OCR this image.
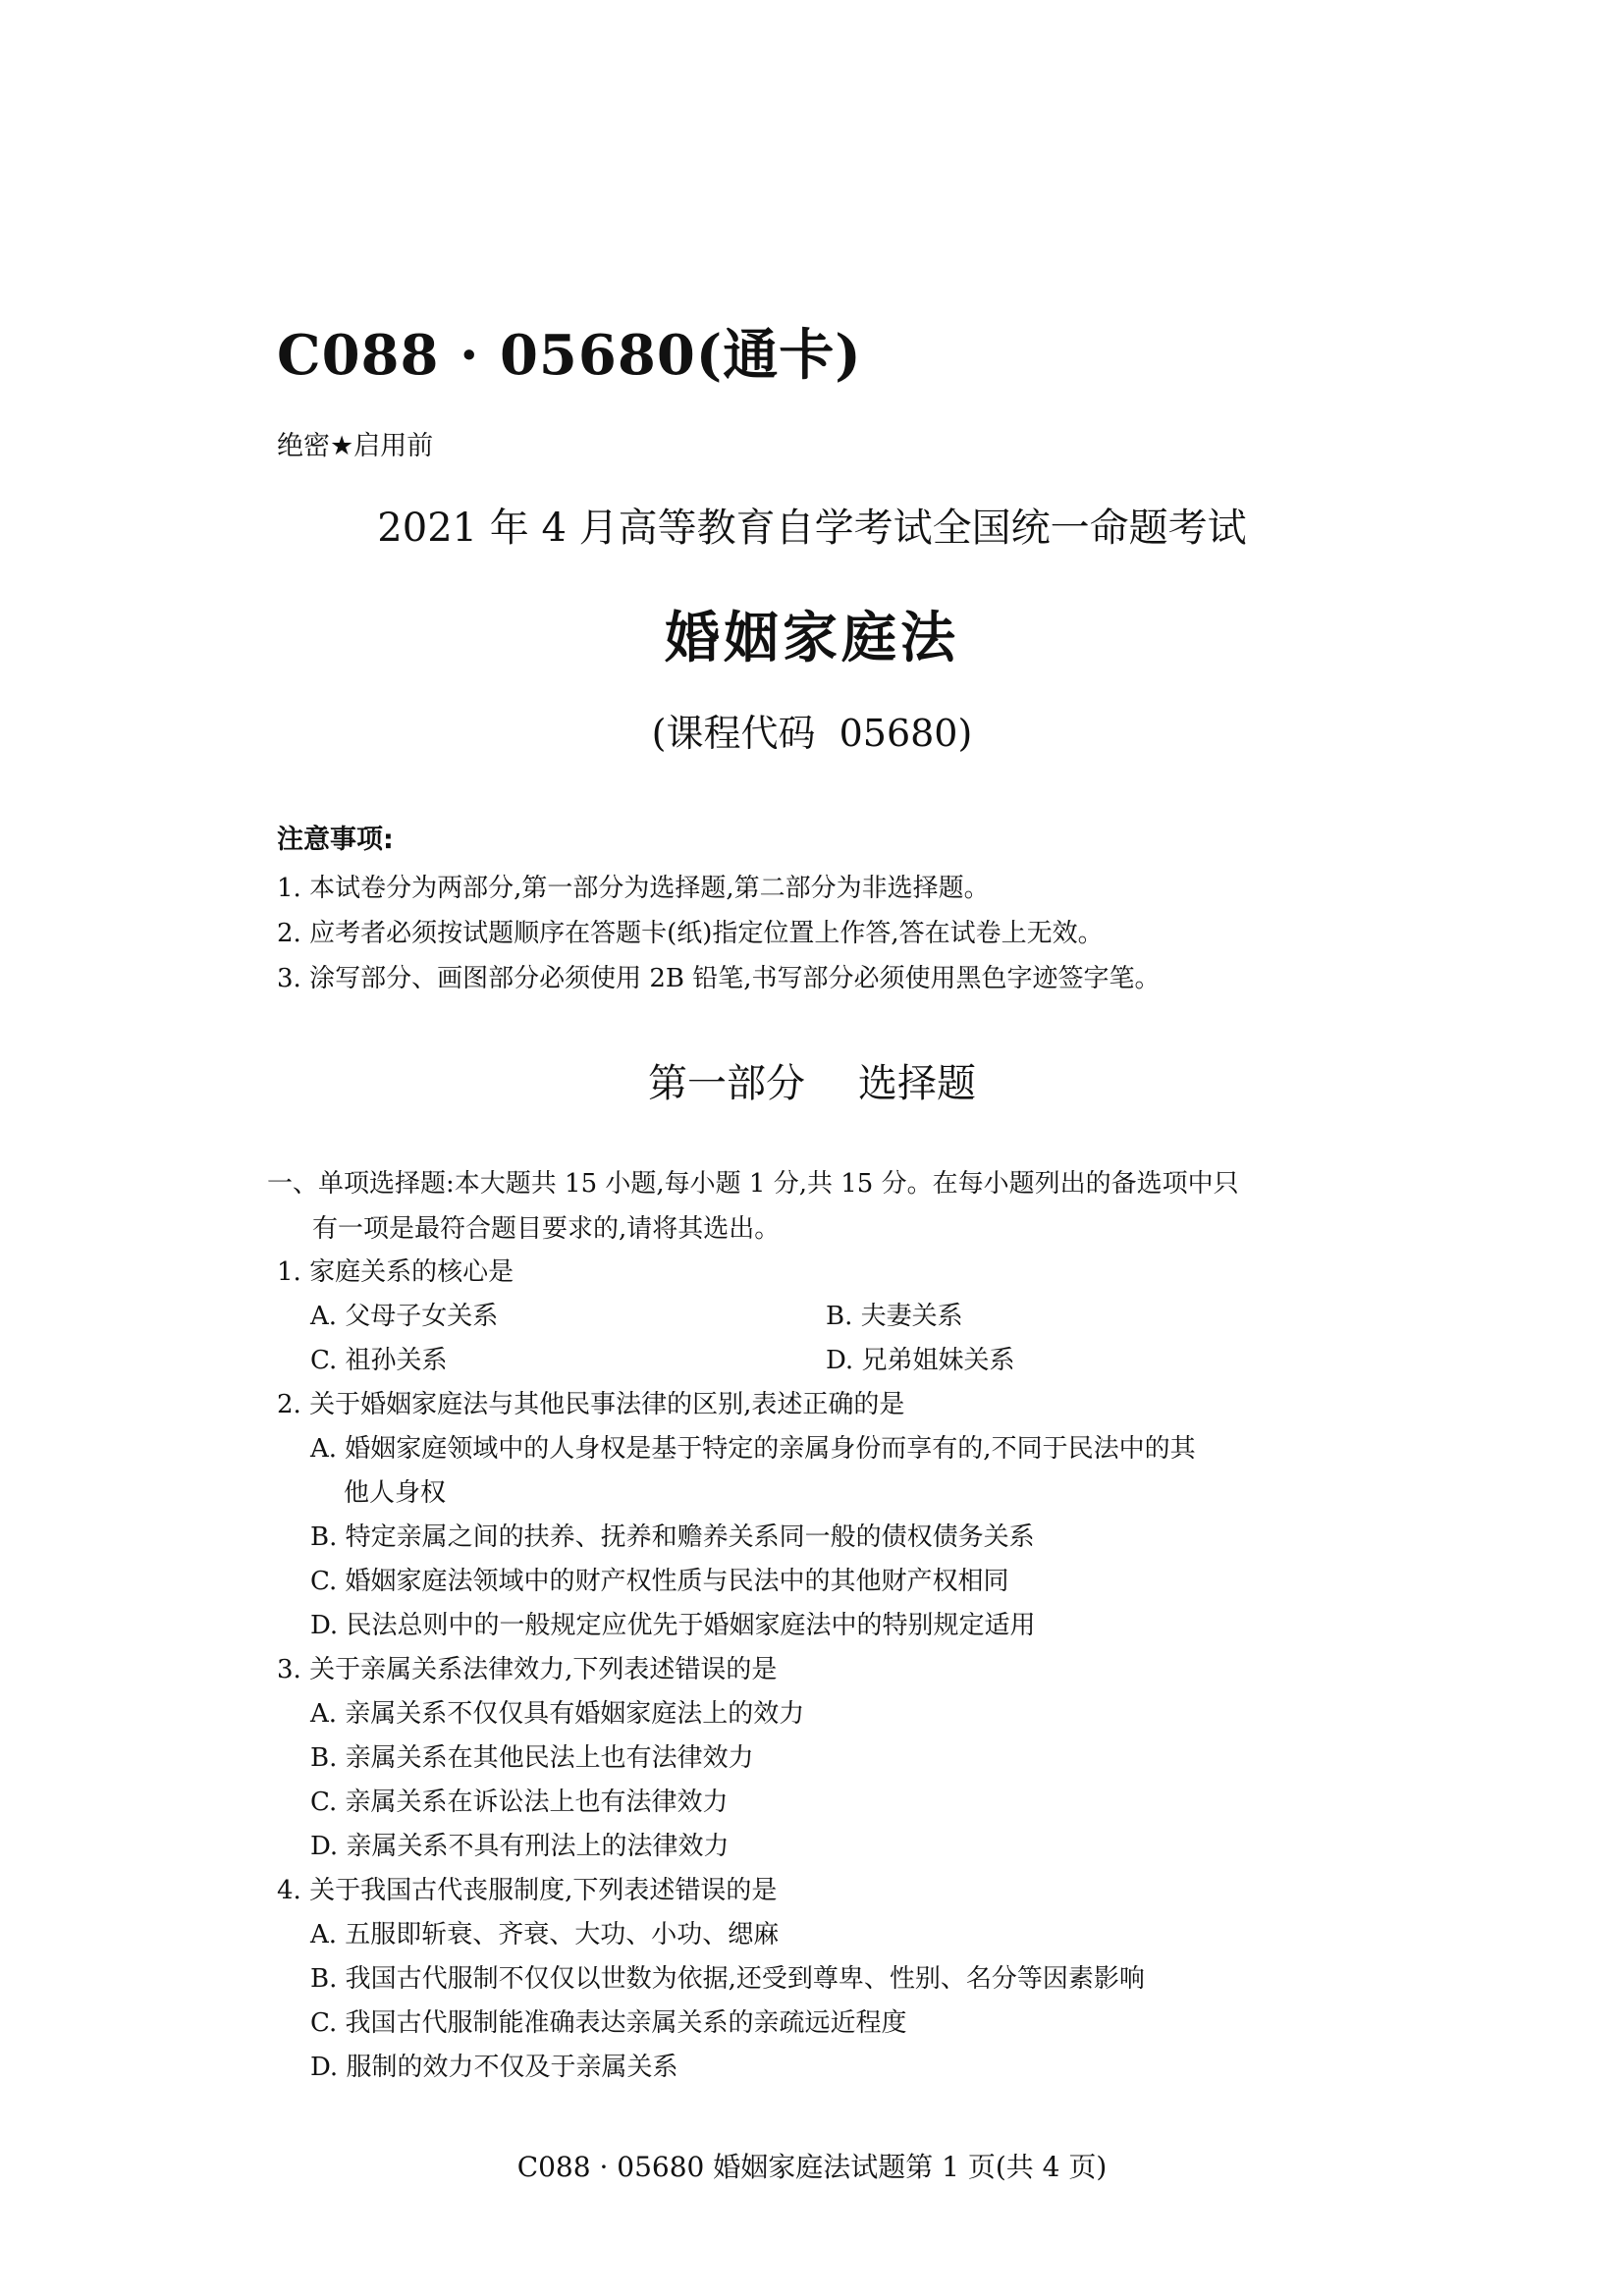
C088 · 05680(通卡)
绝密★启用前
2021 年 4 月高等教育自学考试全国统一命题考试
婚姻家庭法
(课程代码 05680)
注意事项:
1. 本试卷分为两部分,第一部分为选择题,第二部分为非选择题。
2. 应考者必须按试题顺序在答题卡(纸)指定位置上作答,答在试卷上无效。
3. 涂写部分、画图部分必须使用 2B 铅笔,书写部分必须使用黑色字迹签字笔。
第一部分 选择题
一、单项选择题:本大题共 15 小题,每小题 1 分,共 15 分。在每小题列出的备选项中只
有一项是最符合题目要求的,请将其选出。
1. 家庭关系的核心是
A. 父母子女关系	B. 夫妻关系
C. 祖孙关系	D. 兄弟姐妹关系
2. 关于婚姻家庭法与其他民事法律的区别,表述正确的是
A. 婚姻家庭领域中的人身权是基于特定的亲属身份而享有的,不同于民法中的其
他人身权
B. 特定亲属之间的扶养、抚养和赡养关系同一般的债权债务关系
C. 婚姻家庭法领域中的财产权性质与民法中的其他财产权相同
D. 民法总则中的一般规定应优先于婚姻家庭法中的特别规定适用
3. 关于亲属关系法律效力,下列表述错误的是
A. 亲属关系不仅仅具有婚姻家庭法上的效力
B. 亲属关系在其他民法上也有法律效力
C. 亲属关系在诉讼法上也有法律效力
D. 亲属关系不具有刑法上的法律效力
4. 关于我国古代丧服制度,下列表述错误的是
A. 五服即斩衰、齐衰、大功、小功、缌麻
B. 我国古代服制不仅仅以世数为依据,还受到尊卑、性别、名分等因素影响
C. 我国古代服制能准确表达亲属关系的亲疏远近程度
D. 服制的效力不仅及于亲属关系
C088 · 05680 婚姻家庭法试题第 1 页(共 4 页)
